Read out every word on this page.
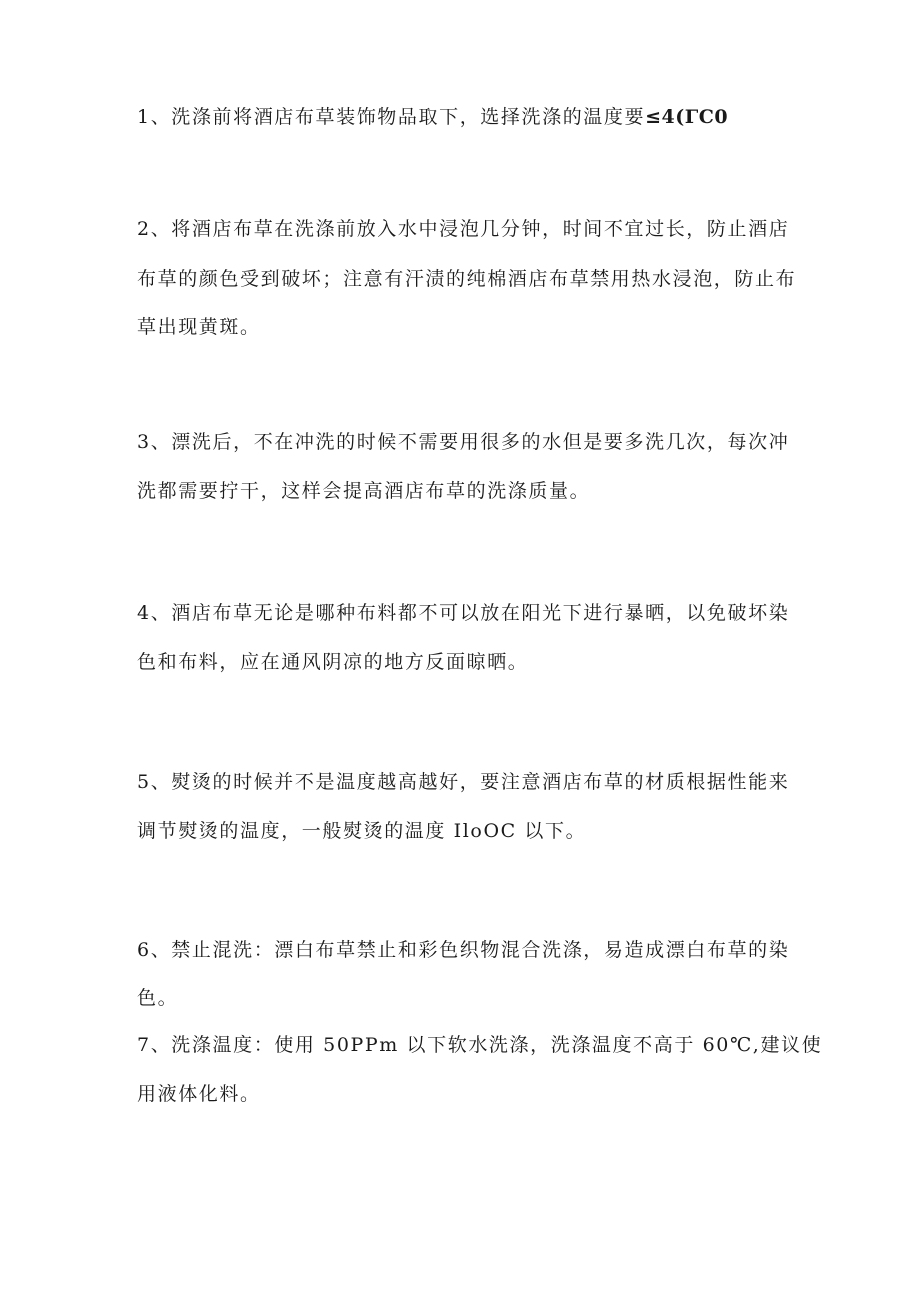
1、洗涤前将酒店布草装饰物品取下，选择洗涤的温度要≤4(ΓC0
2、将酒店布草在洗涤前放入水中浸泡几分钟，时间不宜过长，防止酒店
布草的颜色受到破坏；注意有汗渍的纯棉酒店布草禁用热水浸泡，防止布
草出现黄斑。
3、漂洗后，不在冲洗的时候不需要用很多的水但是要多洗几次，每次冲
洗都需要拧干，这样会提高酒店布草的洗涤质量。
4、酒店布草无论是哪种布料都不可以放在阳光下进行暴晒，以免破坏染
色和布料，应在通风阴凉的地方反面晾晒。
5、熨烫的时候并不是温度越高越好，要注意酒店布草的材质根据性能来
调节熨烫的温度，一般熨烫的温度 IloOC 以下。
6、禁止混洗：漂白布草禁止和彩色织物混合洗涤，易造成漂白布草的染
色。
7、洗涤温度：使用 50PPm 以下软水洗涤，洗涤温度不高于 60℃,建议使
用液体化料。
